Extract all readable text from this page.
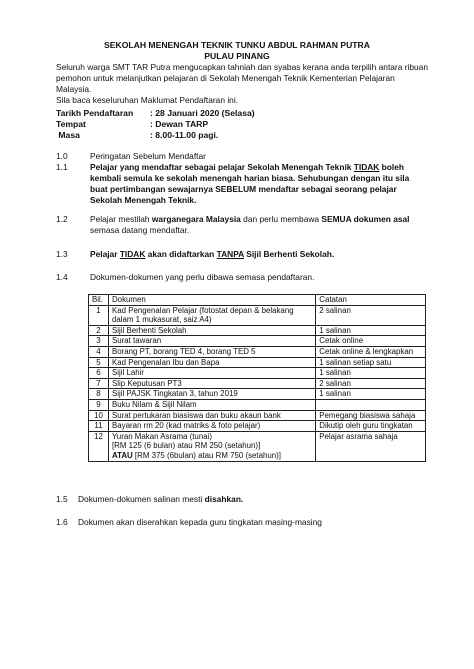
SEKOLAH MENENGAH TEKNIK TUNKU ABDUL RAHMAN PUTRA
PULAU PINANG

Seluruh warga SMT TAR Putra mengucapkan tahniah dan syabas kerana anda terpilih antara ribuan pemohon untuk melanjutkan pelajaran di Sekolah Menengah Teknik Kementerian Pelajaran Malaysia.

Sila baca keseluruhan Maklumat Pendaftaran ini.

Tarikh Pendaftaran : 28 Januari 2020 (Selasa)
Tempat	: Dewan TARP
Masa	: 8.00-11.00 pagi.
1.0	Peringatan Sebelum Mendaftar
1.1	Pelajar yang mendaftar sebagai pelajar Sekolah Menengah Teknik TIDAK boleh kembali semula ke sekolah menengah harian biasa. Sehubungan dengan itu sila buat pertimbangan sewajarnya SEBELUM mendaftar sebagai seorang pelajar Sekolah Menengah Teknik.
1.2	Pelajar mestilah warganegara Malaysia dan perlu membawa SEMUA dokumen asal semasa datang mendaftar.
1.3	Pelajar TIDAK akan didaftarkan TANPA Sijil Berhenti Sekolah.
1.4	Dokumen-dokumen yang perlu dibawa semasa pendaftaran.
Bil.	Dokumen	Catatan
1	Kad Pengenalan Pelajar (fotostat depan & belakang dalam 1 mukasurat, saiz A4)	2 salinan
2	Sijil Berhenti Sekolah	1 salinan
3	Surat tawaran	Cetak online
4	Borang PT, borang TED 4, borang TED 5	Cetak online & lengkapkan
5	Kad Pengenalan Ibu dan Bapa	1 salinan setiap satu
6	Sijil Lahir	1 salinan
7	Slip Keputusan PT3	2 salinan
8	Sijil PAJSK Tingkatan 3, tahun 2019	1 salinan
9	Buku Nilam & Sijil Nilam	
10	Surat pertukaran biasiswa dan buku akaun bank	Pemegang biasiswa sahaja
11	Bayaran rm 20 (kad matriks & foto pelajar)	Dikutip oleh guru tingkatan
12	Yuran Makan Asrama (tunai)
[RM 125 (6 bulan) atau RM 250 (setahun)]
ATAU [RM 375 (6bulan) atau RM 750 (setahun)]	Pelajar asrama sahaja
1.5	Dokumen-dokumen salinan mesti disahkan.
1.6	Dokumen akan diserahkan kepada guru tingkatan masing-masing
